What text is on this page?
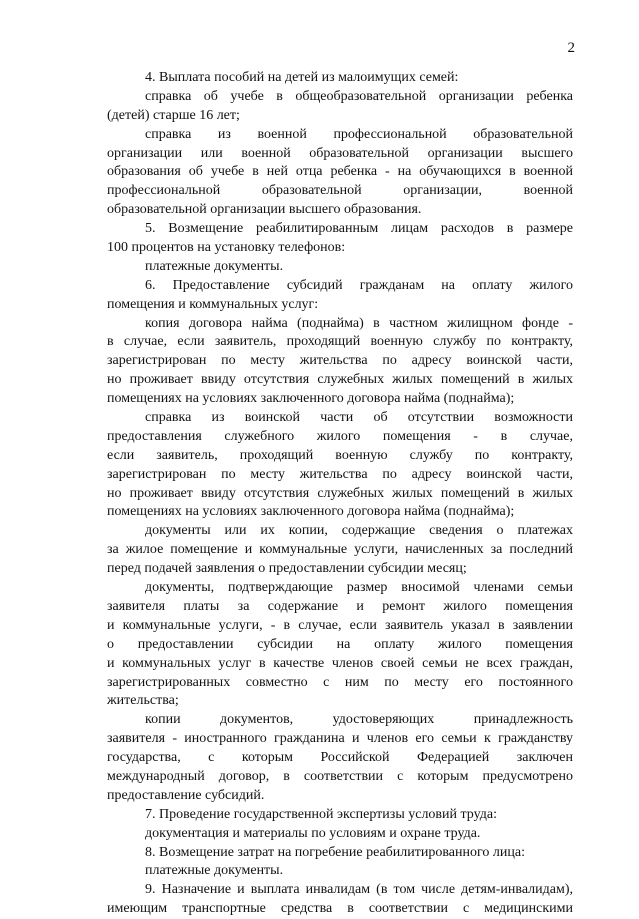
2
4. Выплата пособий на детей из малоимущих семей:
справка об учебе в общеобразовательной организации ребенка
(детей) старше 16 лет;
справка из военной профессиональной образовательной
организации или военной образовательной организации высшего
образования об учебе в ней отца ребенка - на обучающихся в военной
профессиональной образовательной организации, военной
образовательной организации высшего образования.
5. Возмещение реабилитированным лицам расходов в размере
100 процентов на установку телефонов:
платежные документы.
6. Предоставление субсидий гражданам на оплату жилого
помещения и коммунальных услуг:
копия договора найма (поднайма) в частном жилищном фонде -
в случае, если заявитель, проходящий военную службу по контракту,
зарегистрирован по месту жительства по адресу воинской части,
но проживает ввиду отсутствия служебных жилых помещений в жилых
помещениях на условиях заключенного договора найма (поднайма);
справка из воинской части об отсутствии возможности
предоставления служебного жилого помещения - в случае,
если заявитель, проходящий военную службу по контракту,
зарегистрирован по месту жительства по адресу воинской части,
но проживает ввиду отсутствия служебных жилых помещений в жилых
помещениях на условиях заключенного договора найма (поднайма);
документы или их копии, содержащие сведения о платежах
за жилое помещение и коммунальные услуги, начисленных за последний
перед подачей заявления о предоставлении субсидии месяц;
документы, подтверждающие размер вносимой членами семьи
заявителя платы за содержание и ремонт жилого помещения
и коммунальные услуги, - в случае, если заявитель указал в заявлении
о предоставлении субсидии на оплату жилого помещения
и коммунальных услуг в качестве членов своей семьи не всех граждан,
зарегистрированных совместно с ним по месту его постоянного
жительства;
копии документов, удостоверяющих принадлежность
заявителя - иностранного гражданина и членов его семьи к гражданству
государства, с которым Российской Федерацией заключен
международный договор, в соответствии с которым предусмотрено
предоставление субсидий.
7. Проведение государственной экспертизы условий труда:
документация и материалы по условиям и охране труда.
8. Возмещение затрат на погребение реабилитированного лица:
платежные документы.
9. Назначение и выплата инвалидам (в том числе детям-инвалидам),
имеющим транспортные средства в соответствии с медицинскими
